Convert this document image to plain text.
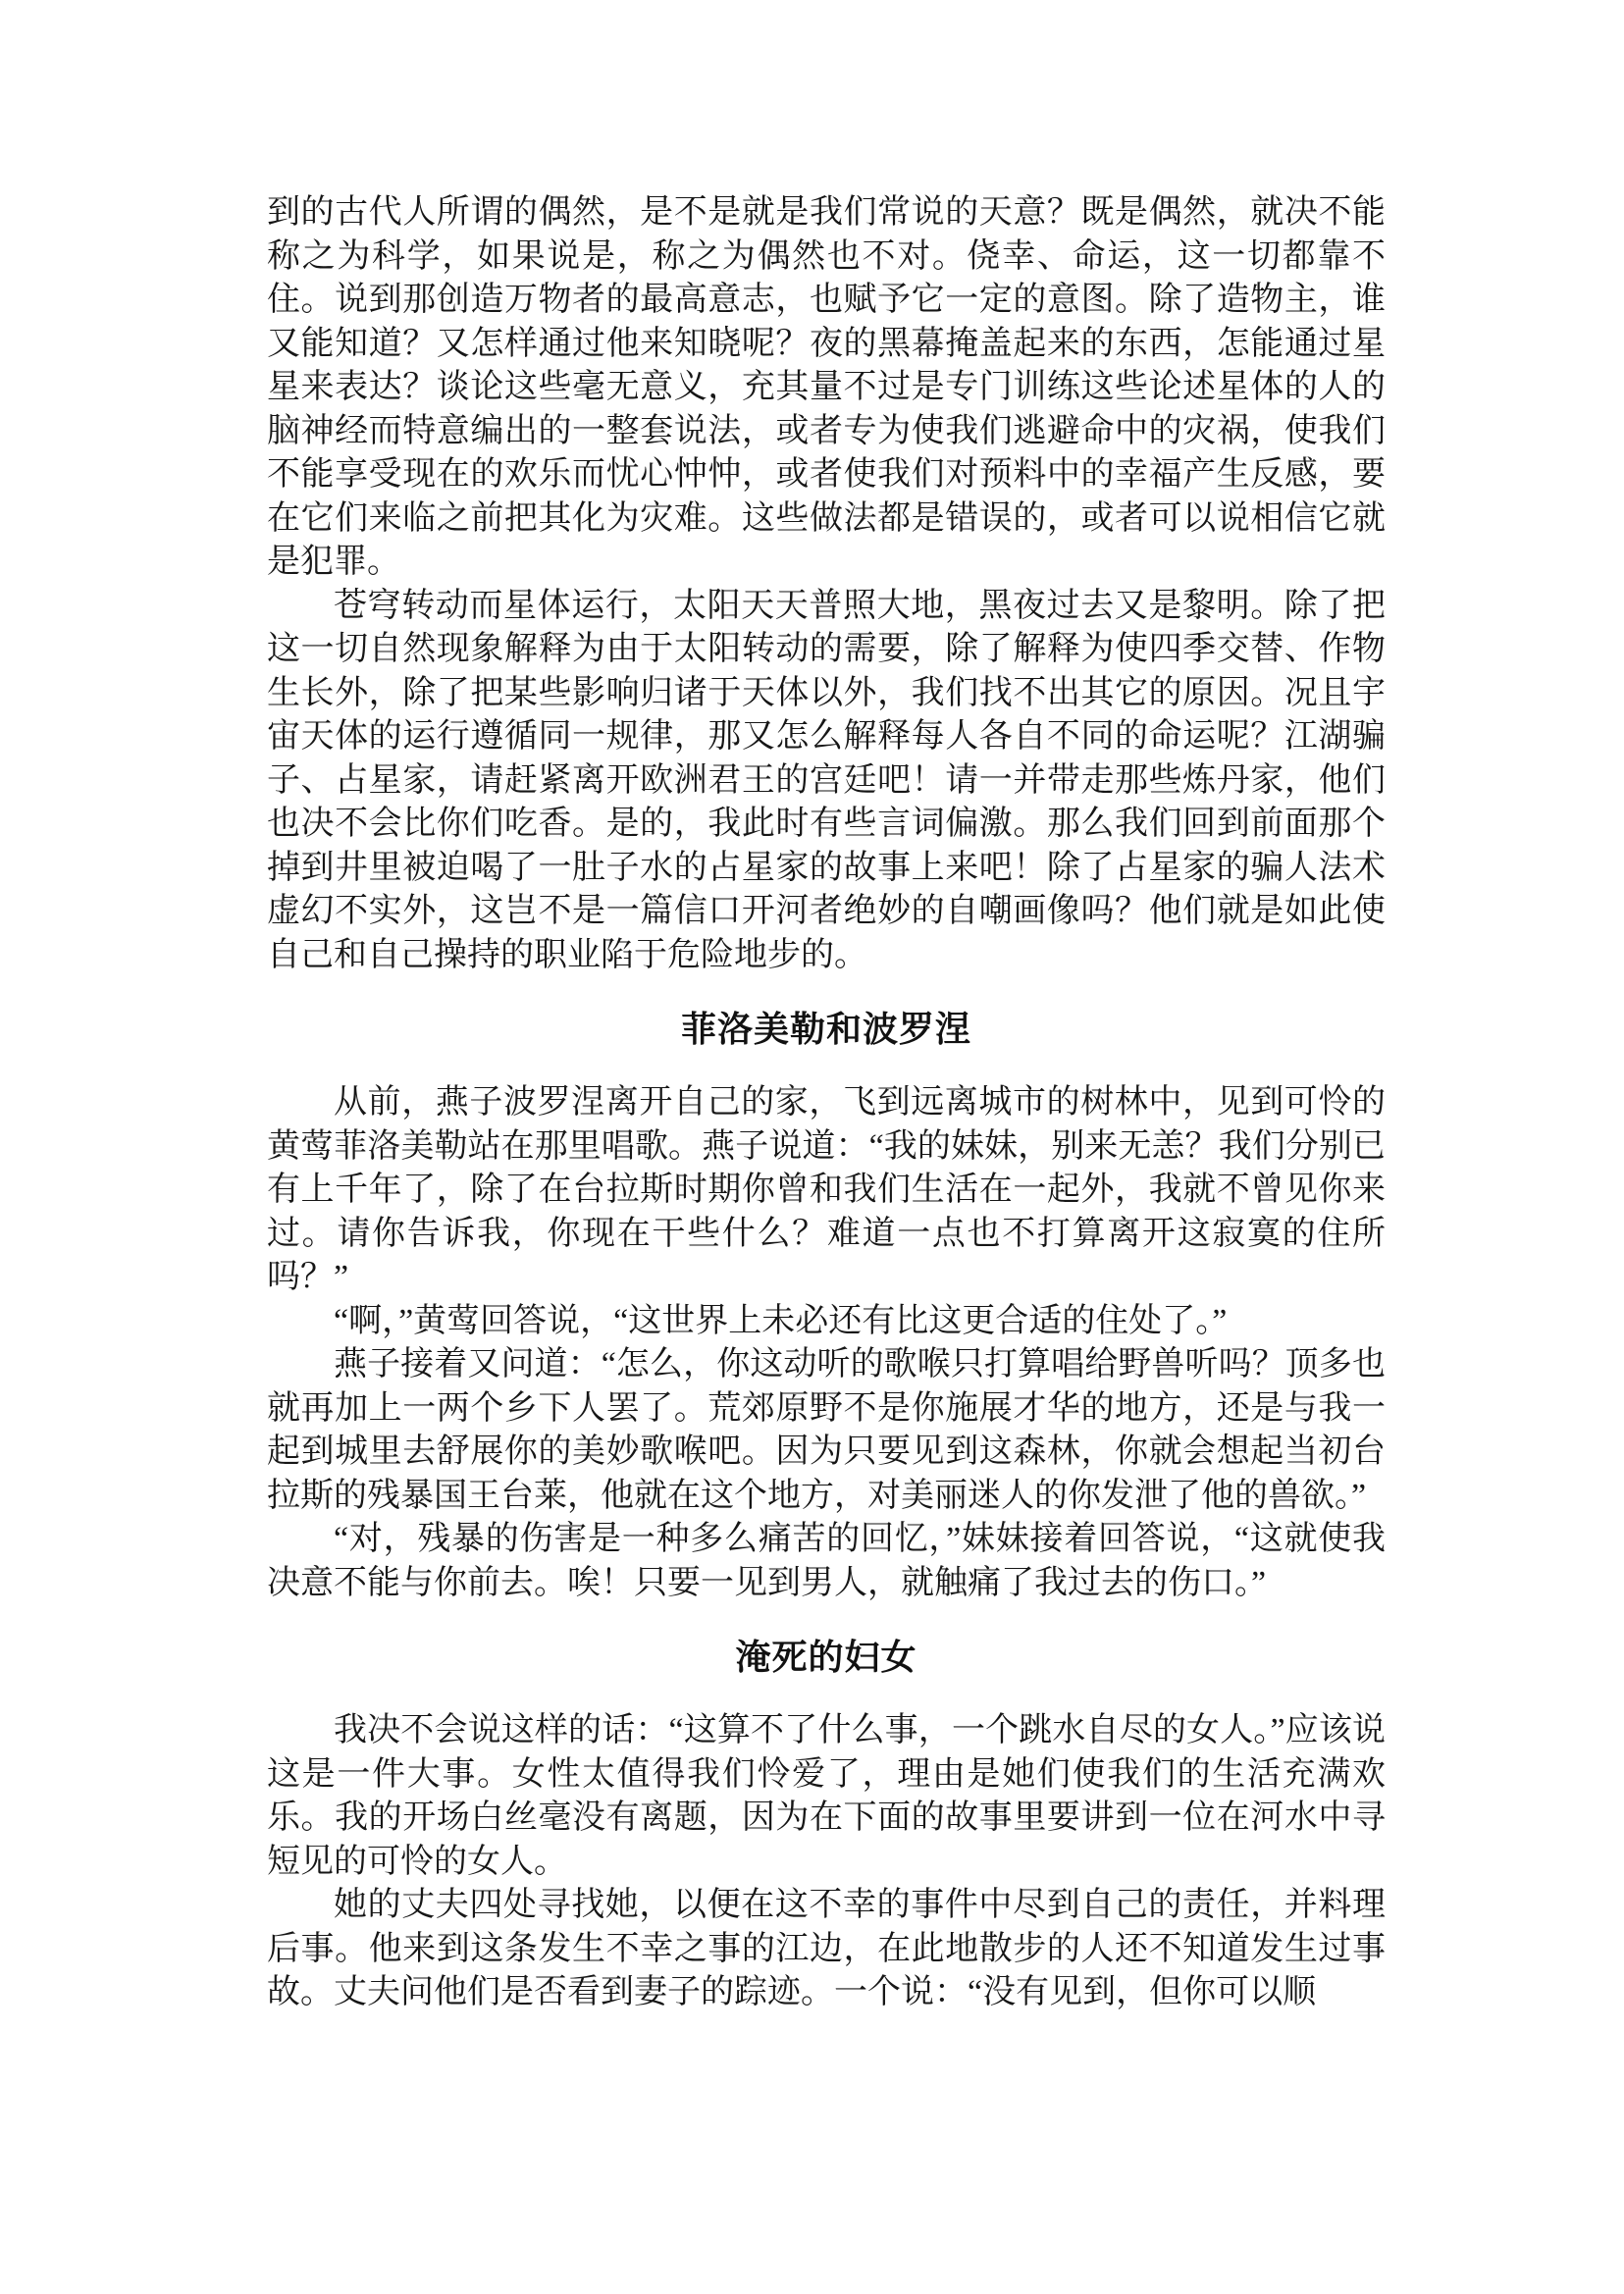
到的古代人所谓的偶然，是不是就是我们常说的天意？既是偶然，就决不能称之为科学，如果说是，称之为偶然也不对。侥幸、命运，这一切都靠不住。说到那创造万物者的最高意志，也赋予它一定的意图。除了造物主，谁又能知道？又怎样通过他来知晓呢？夜的黑幕掩盖起来的东西，怎能通过星星来表达？谈论这些毫无意义，充其量不过是专门训练这些论述星体的人的脑神经而特意编出的一整套说法，或者专为使我们逃避命中的灾祸，使我们不能享受现在的欢乐而忧心忡忡，或者使我们对预料中的幸福产生反感，要在它们来临之前把其化为灾难。这些做法都是错误的，或者可以说相信它就是犯罪。

苍穹转动而星体运行，太阳天天普照大地，黑夜过去又是黎明。除了把这一切自然现象解释为由于太阳转动的需要，除了解释为使四季交替、作物生长外，除了把某些影响归诸于天体以外，我们找不出其它的原因。况且宇宙天体的运行遵循同一规律，那又怎么解释每人各自不同的命运呢？江湖骗子、占星家，请赶紧离开欧洲君王的宫廷吧！请一并带走那些炼丹家，他们也决不会比你们吃香。是的，我此时有些言词偏激。那么我们回到前面那个掉到井里被迫喝了一肚子水的占星家的故事上来吧！除了占星家的骗人法术虚幻不实外，这岂不是一篇信口开河者绝妙的自嘲画像吗？他们就是如此使自己和自己操持的职业陷于危险地步的。

菲洛美勒和波罗涅

从前，燕子波罗涅离开自己的家，飞到远离城市的树林中，见到可怜的黄莺菲洛美勒站在那里唱歌。燕子说道：“我的妹妹，别来无恙？我们分别已有上千年了，除了在台拉斯时期你曾和我们生活在一起外，我就不曾见你来过。请你告诉我，你现在干些什么？难道一点也不打算离开这寂寞的住所吗？”

“啊，”黄莺回答说，“这世界上未必还有比这更合适的住处了。”

燕子接着又问道：“怎么，你这动听的歌喉只打算唱给野兽听吗？顶多也就再加上一两个乡下人罢了。荒郊原野不是你施展才华的地方，还是与我一起到城里去舒展你的美妙歌喉吧。因为只要见到这森林，你就会想起当初台拉斯的残暴国王台莱，他就在这个地方，对美丽迷人的你发泄了他的兽欲。”

“对，残暴的伤害是一种多么痛苦的回忆，”妹妹接着回答说，“这就使我决意不能与你前去。唉！只要一见到男人，就触痛了我过去的伤口。”

淹死的妇女

我决不会说这样的话：“这算不了什么事，一个跳水自尽的女人。”应该说这是一件大事。女性太值得我们怜爱了，理由是她们使我们的生活充满欢乐。我的开场白丝毫没有离题，因为在下面的故事里要讲到一位在河水中寻短见的可怜的女人。

她的丈夫四处寻找她，以便在这不幸的事件中尽到自己的责任，并料理后事。他来到这条发生不幸之事的江边，在此地散步的人还不知道发生过事故。丈夫问他们是否看到妻子的踪迹。一个说：“没有见到，但你可以顺
